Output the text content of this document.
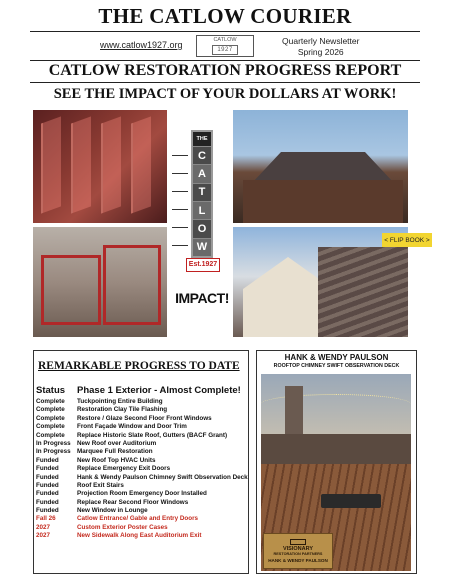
THE CATLOW COURIER
www.catlow1927.org	CATLOW
1927
Quarterly Newsletter
Spring 2026
CATLOW RESTORATION PROGRESS REPORT
SEE THE IMPACT OF YOUR DOLLARS AT WORK!
THE
C
A
T
L
O
W
Est.1927
IMPACT!
< FLIP BOOK >
REMARKABLE PROGRESS TO DATE
Status Phase 1 Exterior - Almost Complete!
Complete	Tuckpointing Entire Building
Complete	Restoration Clay Tile Flashing
Complete	Restore / Glaze Second Floor Front Windows
Complete	Front Façade Window and Door Trim
Complete	Replace Historic Slate Roof, Gutters (BACF Grant)
In Progress	New Roof over Auditorium
In Progress	Marquee Full Restoration
Funded	New Roof Top HVAC Units
Funded	Replace Emergency Exit Doors
Funded	Hank & Wendy Paulson Chimney Swift Observation Deck
Funded	Roof Exit Stairs
Funded	Projection Room Emergency Door Installed
Funded	Replace Rear Second Floor Windows
Funded	New Window in Lounge
Fall 26	Catlow Entrance/ Gable and Entry Doors
2027	Custom Exterior Poster Cases
2027	New Sidewalk Along East Auditorium Exit
HANK & WENDY PAULSON
ROOFTOP CHIMNEY SWIFT OBSERVATION DECK
VISIONARY
RESTORATION PARTNERS
HANK & WENDY PAULSON
